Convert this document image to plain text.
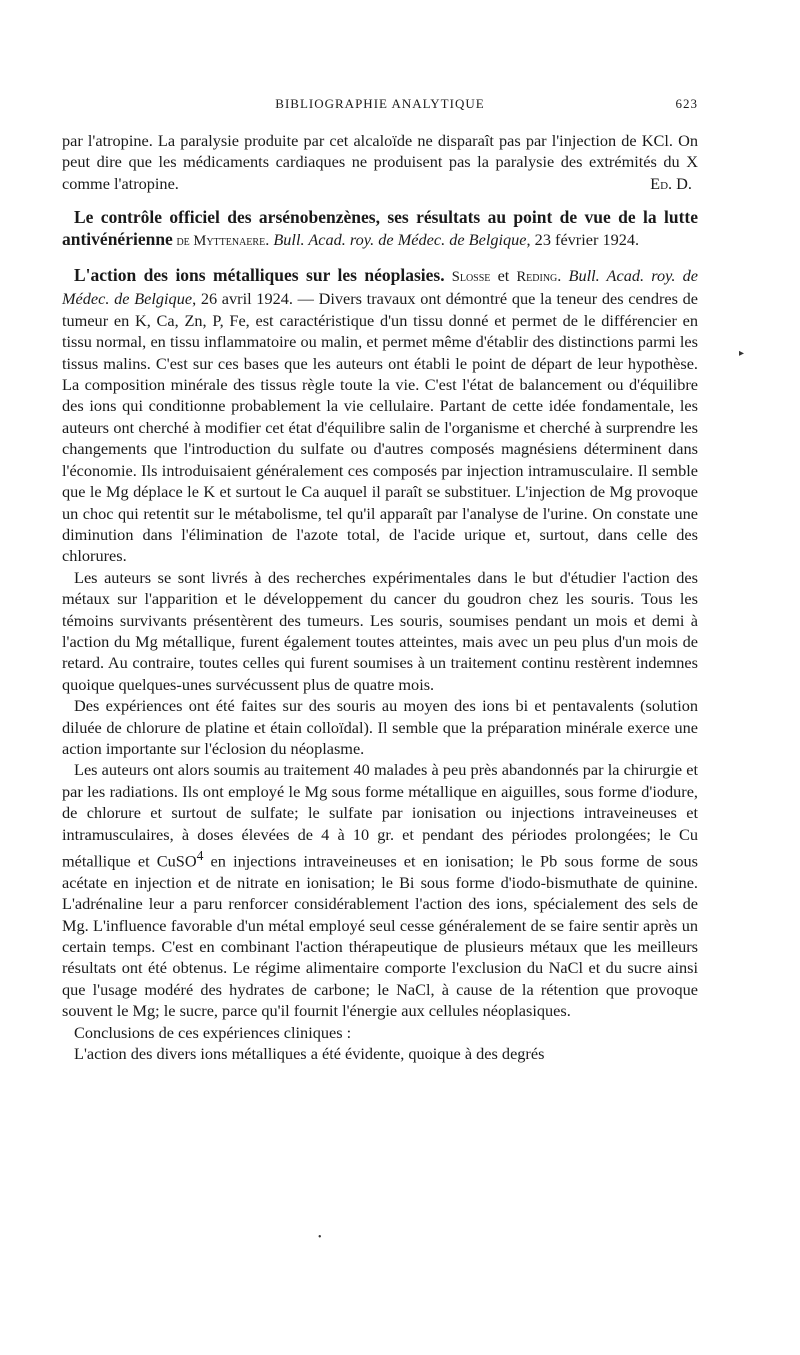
BIBLIOGRAPHIE ANALYTIQUE	623

par l'atropine. La paralysie produite par cet alcaloïde ne disparaît pas par l'injection de KCl. On peut dire que les médicaments cardiaques ne produisent pas la paralysie des extrémités du X comme l'atropine.	Ed. D.

Le contrôle officiel des arsénobenzènes, ses résultats au point de vue de la lutte antivénérienne de Myttenaere. Bull. Acad. roy. de Médec. de Belgique, 23 février 1924.

L'action des ions métalliques sur les néoplasies. Slosse et Reding. Bull. Acad. roy. de Médec. de Belgique, 26 avril 1924. — Divers travaux ont démontré que la teneur des cendres de tumeur en K, Ca, Zn, P, Fe, est caractéristique d'un tissu donné et permet de le différencier en tissu normal, en tissu inflammatoire ou malin, et permet même d'établir des distinctions parmi les tissus malins. C'est sur ces bases que les auteurs ont établi le point de départ de leur hypothèse. La composition minérale des tissus règle toute la vie. C'est l'état de balancement ou d'équilibre des ions qui conditionne probablement la vie cellulaire. Partant de cette idée fondamentale, les auteurs ont cherché à modifier cet état d'équilibre salin de l'organisme et cherché à surprendre les changements que l'introduction du sulfate ou d'autres composés magnésiens déterminent dans l'économie. Ils introduisaient généralement ces composés par injection intramusculaire. Il semble que le Mg déplace le K et surtout le Ca auquel il paraît se substituer. L'injection de Mg provoque un choc qui retentit sur le métabolisme, tel qu'il apparaît par l'analyse de l'urine. On constate une diminution dans l'élimination de l'azote total, de l'acide urique et, surtout, dans celle des chlorures.

Les auteurs se sont livrés à des recherches expérimentales dans le but d'étudier l'action des métaux sur l'apparition et le développement du cancer du goudron chez les souris. Tous les témoins survivants présentèrent des tumeurs. Les souris, soumises pendant un mois et demi à l'action du Mg métallique, furent également toutes atteintes, mais avec un peu plus d'un mois de retard. Au contraire, toutes celles qui furent soumises à un traitement continu restèrent indemnes quoique quelques-unes survécussent plus de quatre mois.

Des expériences ont été faites sur des souris au moyen des ions bi et pentavalents (solution diluée de chlorure de platine et étain colloïdal). Il semble que la préparation minérale exerce une action importante sur l'éclosion du néoplasme.

Les auteurs ont alors soumis au traitement 40 malades à peu près abandonnés par la chirurgie et par les radiations. Ils ont employé le Mg sous forme métallique en aiguilles, sous forme d'iodure, de chlorure et surtout de sulfate; le sulfate par ionisation ou injections intraveineuses et intramusculaires, à doses élevées de 4 à 10 gr. et pendant des périodes prolongées; le Cu métallique et CuSO$^4$ en injections intraveineuses et en ionisation; le Pb sous forme de sous acétate en injection et de nitrate en ionisation; le Bi sous forme d'iodo-bismuthate de quinine. L'adrénaline leur a paru renforcer considérablement l'action des ions, spécialement des sels de Mg. L'influence favorable d'un métal employé seul cesse généralement de se faire sentir après un certain temps. C'est en combinant l'action thérapeutique de plusieurs métaux que les meilleurs résultats ont été obtenus. Le régime alimentaire comporte l'exclusion du NaCl et du sucre ainsi que l'usage modéré des hydrates de carbone; le NaCl, à cause de la rétention que provoque souvent le Mg; le sucre, parce qu'il fournit l'énergie aux cellules néoplasiques.

Conclusions de ces expériences cliniques :

L'action des divers ions métalliques a été évidente, quoique à des degrés

▸
•
